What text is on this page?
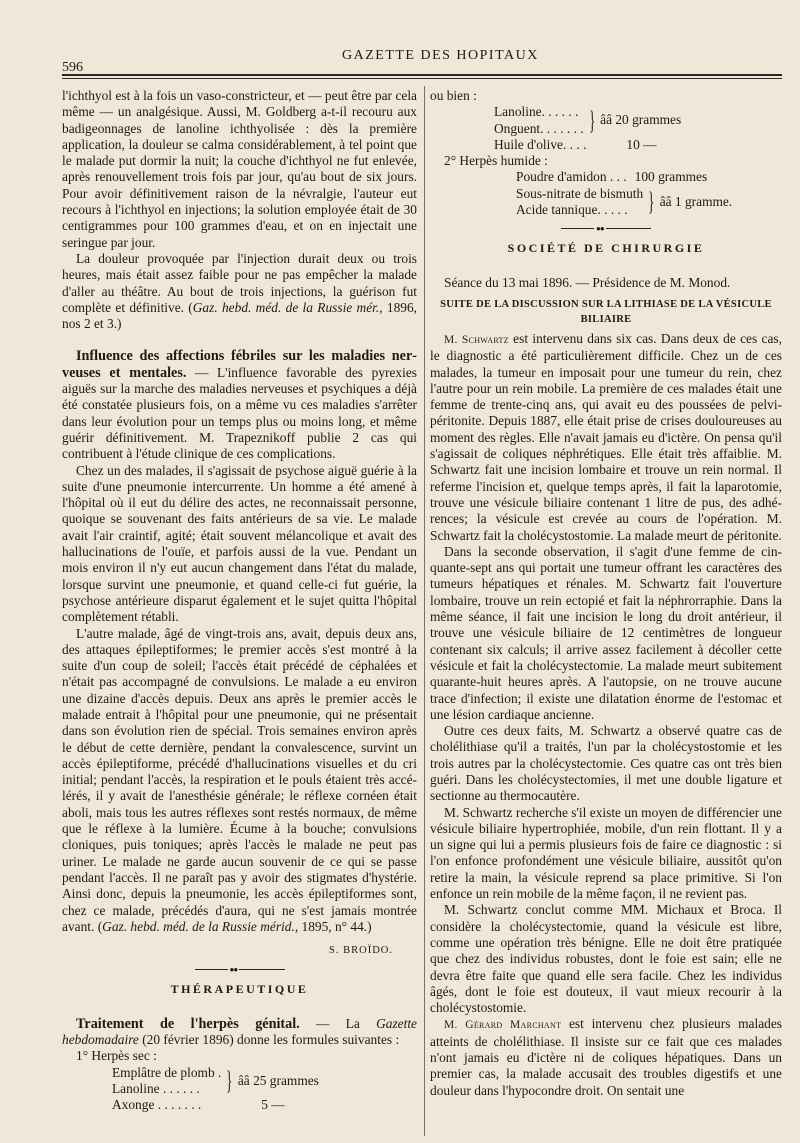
596
GAZETTE DES HOPITAUX

l'ichthyol est à la fois un vaso-constricteur, et — peut être par cela même — un analgésique. Aussi, M. Goldberg a-t-il recouru aux badigeonnages de lanoline ichthyolisée : dès la première application, la douleur se calma considérablement, à tel point que le malade put dormir la nuit; la couche d'ichthyol ne fut enlevée, après renouvellement trois fois par jour, qu'au bout de six jours. Pour avoir définitivement raison de la névralgie, l'auteur eut recours à l'ichthyol en injections; la solution employée était de 30 centigrammes pour 100 grammes d'eau, et on en injectait une seringue par jour.

La douleur provoquée par l'injection durait deux ou trois heures, mais était assez faible pour ne pas empêcher la malade d'aller au théâtre. Au bout de trois injections, la guérison fut complète et définitive. (Gaz. hebd. méd. de la Russie mér., 1896, nos 2 et 3.)

Influence des affections fébriles sur les maladies nerveuses et mentales. — L'influence favorable des pyrexies aiguës sur la marche des maladies nerveuses et psychiques a déjà été constatée plusieurs fois, on a même vu ces maladies s'arrêter dans leur évolution pour un temps plus ou moins long, et même guérir définitivement. M. Trapeznikoff publie 2 cas qui contribuent à l'étude clinique de ces complications.

Chez un des malades, il s'agissait de psychose aiguë guérie à la suite d'une pneumonie intercurrente. Un homme a été amené à l'hôpital où il eut du délire des actes, ne reconnaissait personne, quoique se souvenant des faits antérieurs de sa vie. Le malade avait l'air craintif, agité; était souvent mélancolique et avait des hallucinations de l'ouïe, et parfois aussi de la vue. Pendant un mois environ il n'y eut aucun changement dans l'état du malade, lorsque survint une pneumonie, et quand celle-ci fut guérie, la psychose antérieure disparut également et le sujet quitta l'hôpital complètement rétabli.

L'autre malade, âgé de vingt-trois ans, avait, depuis deux ans, des attaques épileptiformes; le premier accès s'est montré à la suite d'un coup de soleil; l'accès était précédé de céphalées et n'était pas accompagné de convulsions. Le malade a eu environ une dizaine d'accès depuis. Deux ans après le premier accès le malade entrait à l'hôpital pour une pneumonie, qui ne présentait dans son évolution rien de spécial. Trois semaines environ après le début de cette dernière, pendant la convalescence, survint un accès épileptiforme, précédé d'hallucinations visuelles et du cri initial; pendant l'accès, la respiration et le pouls étaient très accélérés, il y avait de l'anesthésie générale; le réflexe cornéen était aboli, mais tous les autres réflexes sont restés normaux, de même que le réflexe à la lumière. Écume à la bouche; convulsions cloniques, puis toniques; après l'accès le malade ne peut pas uriner. Le malade ne garde aucun souvenir de ce qui se passe pendant l'accès. Il ne paraît pas y avoir des stigmates d'hystérie. Ainsi donc, depuis la pneumonie, les accès épileptiformes sont, chez ce malade, précédés d'aura, qui ne s'est jamais montrée avant. (Gaz. hebd. méd. de la Russie mérid., 1895, n° 44.)

S. BROÏDO.

●●

THÉRAPEUTIQUE

Traitement de l'herpès génital. — La Gazette hebdomadaire (20 février 1896) donne les formules suivantes :

1° Herpès sec :

Emplâtre de plomb .
Lanoline . . . . . .	} ââ 25 grammes
Axonge . . . . . . .	5 —

ou bien :

Lanoline. . . . . .
Onguent. . . . . . . } ââ 20 grammes
Huile d'olive. . . .	10 —

2° Herpès humide :

Poudre d'amidon . . . 100 grammes
Sous-nitrate de bismuth
Acide tannique. . . . . } ââ 1 gramme.
●●

SOCIÉTÉ DE CHIRURGIE

Séance du 13 mai 1896. — Présidence de M. Monod.

SUITE DE LA DISCUSSION SUR LA LITHIASE DE LA VÉSICULE BILIAIRE

M. Schwartz est intervenu dans six cas. Dans deux de ces cas, le diagnostic a été particulièrement difficile. Chez un de ces malades, la tumeur en imposait pour une tumeur du rein, chez l'autre pour un rein mobile. La première de ces malades était une femme de trente-cinq ans, qui avait eu des poussées de pelvi-péritonite. Depuis 1887, elle était prise de crises douloureuses au moment des règles. Elle n'avait jamais eu d'ictère. On pensa qu'il s'agissait de coliques néphrétiques. Elle était très affaiblie. M. Schwartz fait une incision lombaire et trouve un rein normal. Il referme l'incision et, quelque temps après, il fait la laparotomie, trouve une vésicule biliaire contenant 1 litre de pus, des adhérences; la vésicule est crevée au cours de l'opération. M. Schwartz fait la cholécystostomie. La malade meurt de péritonite.

Dans la seconde observation, il s'agit d'une femme de cinquante-sept ans qui portait une tumeur offrant les caractères des tumeurs hépatiques et rénales. M. Schwartz fait l'ouverture lombaire, trouve un rein ectopié et fait la néphrorraphie. Dans la même séance, il fait une incision le long du droit antérieur, il trouve une vésicule biliaire de 12 centimètres de longueur contenant six calculs; il arrive assez facilement à décoller cette vésicule et fait la cholécystectomie. La malade meurt subitement quarante-huit heures après. A l'autopsie, on ne trouve aucune trace d'infection; il existe une dilatation énorme de l'estomac et une lésion cardiaque ancienne.

Outre ces deux faits, M. Schwartz a observé quatre cas de cholélithiase qu'il a traités, l'un par la cholécystostomie et les trois autres par la cholécystectomie. Ces quatre cas ont très bien guéri. Dans les cholécystectomies, il met une double ligature et sectionne au thermocautère.

M. Schwartz recherche s'il existe un moyen de différencier une vésicule biliaire hypertrophiée, mobile, d'un rein flottant. Il y a un signe qui lui a permis plusieurs fois de faire ce diagnostic : si l'on enfonce profondément une vésicule biliaire, aussitôt qu'on retire la main, la vésicule reprend sa place primitive. Si l'on enfonce un rein mobile de la même façon, il ne revient pas.

M. Schwartz conclut comme MM. Michaux et Broca. Il considère la cholécystectomie, quand la vésicule est libre, comme une opération très bénigne. Elle ne doit être pratiquée que chez des individus robustes, dont le foie est sain; elle ne devra être faite que quand elle sera facile. Chez les individus âgés, dont le foie est douteux, il vaut mieux recourir à la cholécystostomie.

M. Gérard Marchant est intervenu chez plusieurs malades atteints de cholélithiase. Il insiste sur ce fait que ces malades n'ont jamais eu d'ictère ni de coliques hépatiques. Dans un premier cas, la malade accusait des troubles digestifs et une douleur dans l'hypocondre droit. On sentait une
